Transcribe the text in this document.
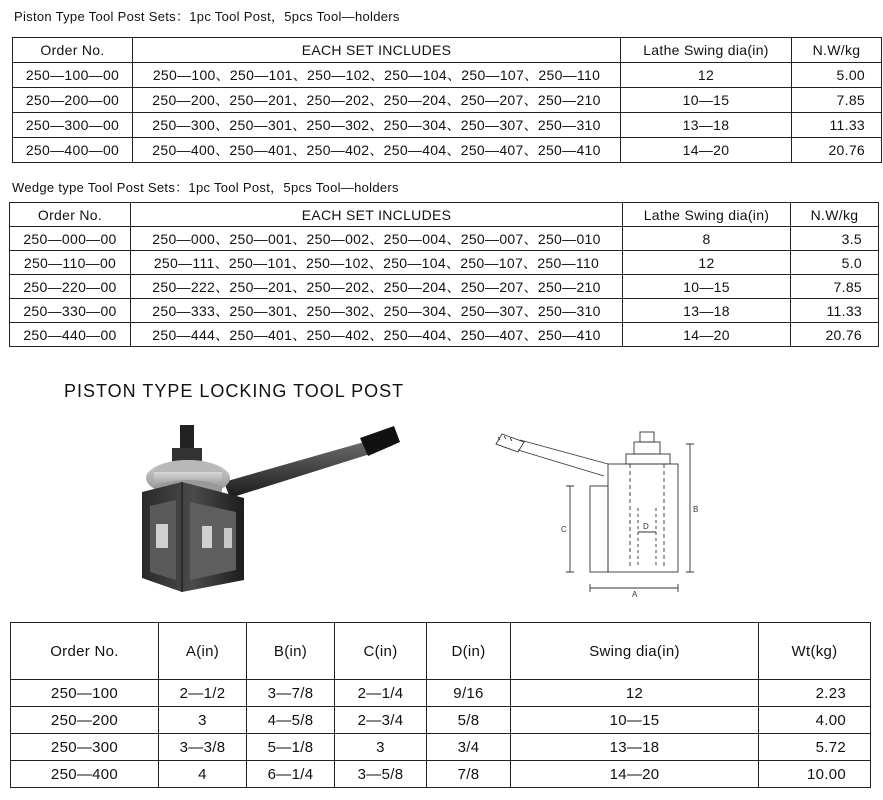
Piston Type Tool Post Sets：1pc Tool Post，5pcs Tool—holders
Order No.	EACH SET INCLUDES	Lathe Swing dia(in)	N.W/kg
250—100—00	250—100、250—101、250—102、250—104、250—107、250—110	12	5.00
250—200—00	250—200、250—201、250—202、250—204、250—207、250—210	10—15	7.85
250—300—00	250—300、250—301、250—302、250—304、250—307、250—310	13—18	11.33
250—400—00	250—400、250—401、250—402、250—404、250—407、250—410	14—20	20.76
Wedge type Tool Post Sets：1pc Tool Post，5pcs Tool—holders
Order No.	EACH SET INCLUDES	Lathe Swing dia(in)	N.W/kg
250—000—00	250—000、250—001、250—002、250—004、250—007、250—010	8	3.5
250—110—00	250—111、250—101、250—102、250—104、250—107、250—110	12	5.0
250—220—00	250—222、250—201、250—202、250—204、250—207、250—210	10—15	7.85
250—330—00	250—333、250—301、250—302、250—304、250—307、250—310	13—18	11.33
250—440—00	250—444、250—401、250—402、250—404、250—407、250—410	14—20	20.76
PISTON TYPE LOCKING TOOL POST
A
B
C	D
Order No.	A(in)	B(in)	C(in)	D(in)	Swing dia(in)	Wt(kg)
250—100	2—1/2	3—7/8	2—1/4	9/16	12	2.23
250—200	3	4—5/8	2—3/4	5/8	10—15	4.00
250—300	3—3/8	5—1/8	3	3/4	13—18	5.72
250—400	4	6—1/4	3—5/8	7/8	14—20	10.00
